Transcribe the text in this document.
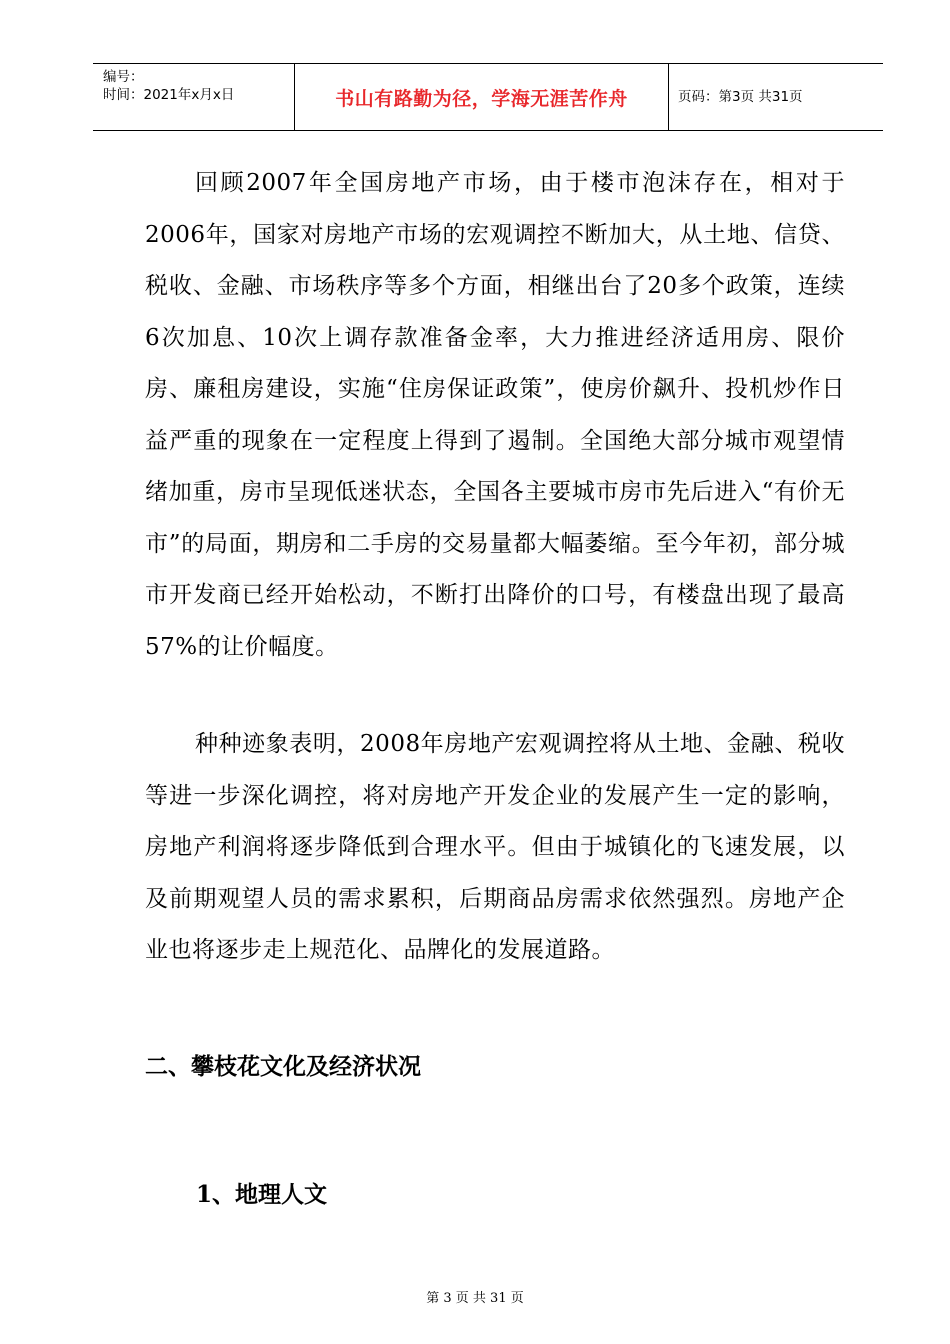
编号：
时间：2021年x月x日	书山有路勤为径，学海无涯苦作舟	页码：第3页 共31页

回顾2007年全国房地产市场，由于楼市泡沫存在，相对于2006年，国家对房地产市场的宏观调控不断加大，从土地、信贷、税收、金融、市场秩序等多个方面，相继出台了20多个政策，连续6次加息、10次上调存款准备金率，大力推进经济适用房、限价房、廉租房建设，实施“住房保证政策”，使房价飙升、投机炒作日益严重的现象在一定程度上得到了遏制。全国绝大部分城市观望情绪加重，房市呈现低迷状态，全国各主要城市房市先后进入“有价无市”的局面，期房和二手房的交易量都大幅萎缩。至今年初，部分城市开发商已经开始松动，不断打出降价的口号，有楼盘出现了最高57%的让价幅度。

种种迹象表明，2008年房地产宏观调控将从土地、金融、税收等进一步深化调控，将对房地产开发企业的发展产生一定的影响，房地产利润将逐步降低到合理水平。但由于城镇化的飞速发展，以及前期观望人员的需求累积，后期商品房需求依然强烈。房地产企业也将逐步走上规范化、品牌化的发展道路。

二、攀枝花文化及经济状况
1、地理人文
第 3 页 共 31 页
